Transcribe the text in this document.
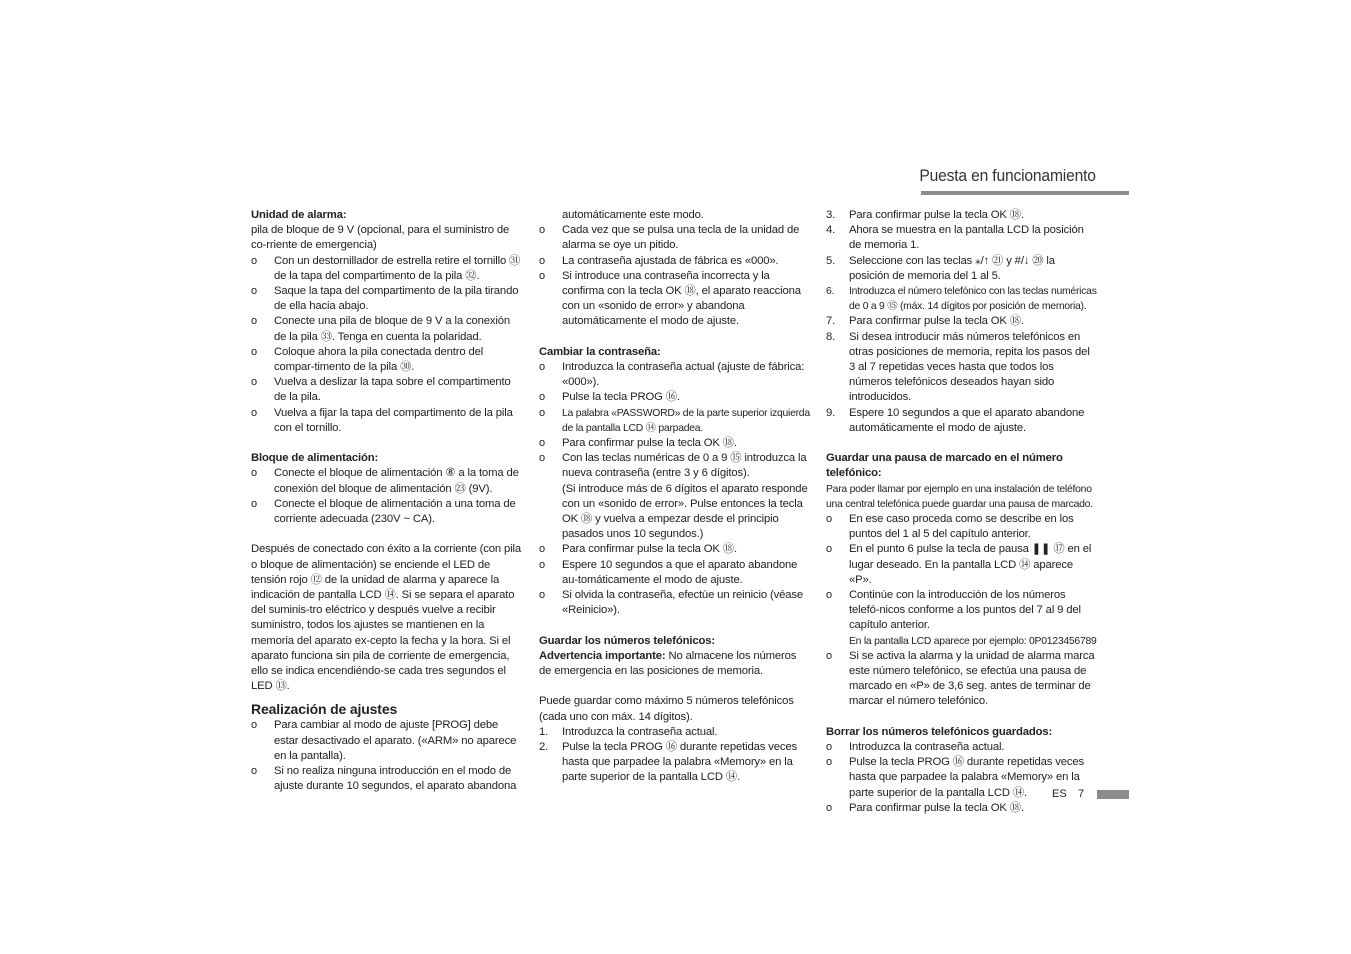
Puesta en funcionamiento

Unidad de alarma:

pila de bloque de 9 V (opcional, para el suministro de co-rriente de emergencia)

o
Con un destornillador de estrella retire el tornillo ㉛ de la tapa del compartimento de la pila ㉜.
o
Saque la tapa del compartimento de la pila tirando de ella hacia abajo.
o
Conecte una pila de bloque de 9 V a la conexión de la pila ㉝. Tenga en cuenta la polaridad.
o
Coloque ahora la pila conectada dentro del compar-timento de la pila ㉚.
o
Vuelva a deslizar la tapa sobre el compartimento de la pila.
o
Vuelva a fijar la tapa del compartimento de la pila con el tornillo.

Bloque de alimentación:

o
Conecte el bloque de alimentación ⑧ a la toma de conexión del bloque de alimentación ㉓ (9V).
o
Conecte el bloque de alimentación a una toma de corriente adecuada (230V ~ CA).

Después de conectado con éxito a la corriente (con pila o bloque de alimentación) se enciende el LED de tensión rojo ⑫ de la unidad de alarma y aparece la indicación de pantalla LCD ⑭. Si se separa el aparato del suminis-tro eléctrico y después vuelve a recibir suministro, todos los ajustes se mantienen en la memoria del aparato ex-cepto la fecha y la hora. Si el aparato funciona sin pila de corriente de emergencia, ello se indica encendiéndo-se cada tres segundos el LED ⑬.

Realización de ajustes

o
Para cambiar al modo de ajuste [PROG] debe estar desactivado el aparato. («ARM» no aparece en la pantalla).
o
Si no realiza ninguna introducción en el modo de ajuste durante 10 segundos, el aparato abandona

automáticamente este modo.

o
Cada vez que se pulsa una tecla de la unidad de alarma se oye un pitido.
o
La contraseña ajustada de fábrica es «000».
o
Si introduce una contraseña incorrecta y la confirma con la tecla OK ⑱, el aparato reacciona con un «sonido de error» y abandona automáticamente el modo de ajuste.

Cambiar la contraseña:

o
Introduzca la contraseña actual (ajuste de fábrica: «000»).
o
Pulse la tecla PROG ⑯.
o
La palabra «PASSWORD» de la parte superior izquierda de la pantalla LCD ⑭ parpadea.
o
Para confirmar pulse la tecla OK ⑱.
o
Con las teclas numéricas de 0 a 9 ⑮ introduzca la nueva contraseña (entre 3 y 6 dígitos).

(Si introduce más de 6 dígitos el aparato responde con un «sonido de error». Pulse entonces la tecla OK ⑱ y vuelva a empezar desde el principio pasados unos 10 segundos.)

o
Para confirmar pulse la tecla OK ⑱.
o
Espere 10 segundos a que el aparato abandone au-tomáticamente el modo de ajuste.
o
Si olvida la contraseña, efectúe un reinicio (véase «Reinicio»).

Guardar los números telefónicos:

Advertencia importante: No almacene los números de emergencia en las posiciones de memoria.

Puede guardar como máximo 5 números telefónicos (cada uno con máx. 14 dígitos).

1.	Introduzca la contraseña actual.
2.	Pulse la tecla PROG ⑯ durante repetidas veces hasta que parpadee la palabra «Memory» en la parte superior de la pantalla LCD ⑭.
3.	Para confirmar pulse la tecla OK ⑱.
4.	Ahora se muestra en la pantalla LCD la posición de memoria 1.
5.	Seleccione con las teclas ⁎/↑ ㉑ y #/↓ ⑳ la posición de memoria del 1 al 5.
6.	Introduzca el número telefónico con las teclas numéricas de 0 a 9 ⑮ (máx. 14 dígitos por posición de memoria).
7.	Para confirmar pulse la tecla OK ⑱.
8.	Si desea introducir más números telefónicos en otras posiciones de memoria, repita los pasos del 3 al 7 repetidas veces hasta que todos los números telefónicos deseados hayan sido introducidos.
9.	Espere 10 segundos a que el aparato abandone automáticamente el modo de ajuste.

Guardar una pausa de marcado en el número telefónico:

Para poder llamar por ejemplo en una instalación de teléfono una central telefónica puede guardar una pausa de marcado.

o
En ese caso proceda como se describe en los puntos del 1 al 5 del capítulo anterior.
o
En el punto 6 pulse la tecla de pausa ❚❚ ⑰ en el lugar deseado. En la pantalla LCD ⑭ aparece «P».
o
Continúe con la introducción de los números telefó-nicos conforme a los puntos del 7 al 9 del capítulo anterior.

En la pantalla LCD aparece por ejemplo: 0P0123456789

o
Si se activa la alarma y la unidad de alarma marca este número telefónico, se efectúa una pausa de marcado en «P» de 3,6 seg. antes de terminar de marcar el número telefónico.

Borrar los números telefónicos guardados:

o
Introduzca la contraseña actual.
o
Pulse la tecla PROG ⑯ durante repetidas veces hasta que parpadee la palabra «Memory» en la parte superior de la pantalla LCD ⑭.
o
Para confirmar pulse la tecla OK ⑱.
ES 7
